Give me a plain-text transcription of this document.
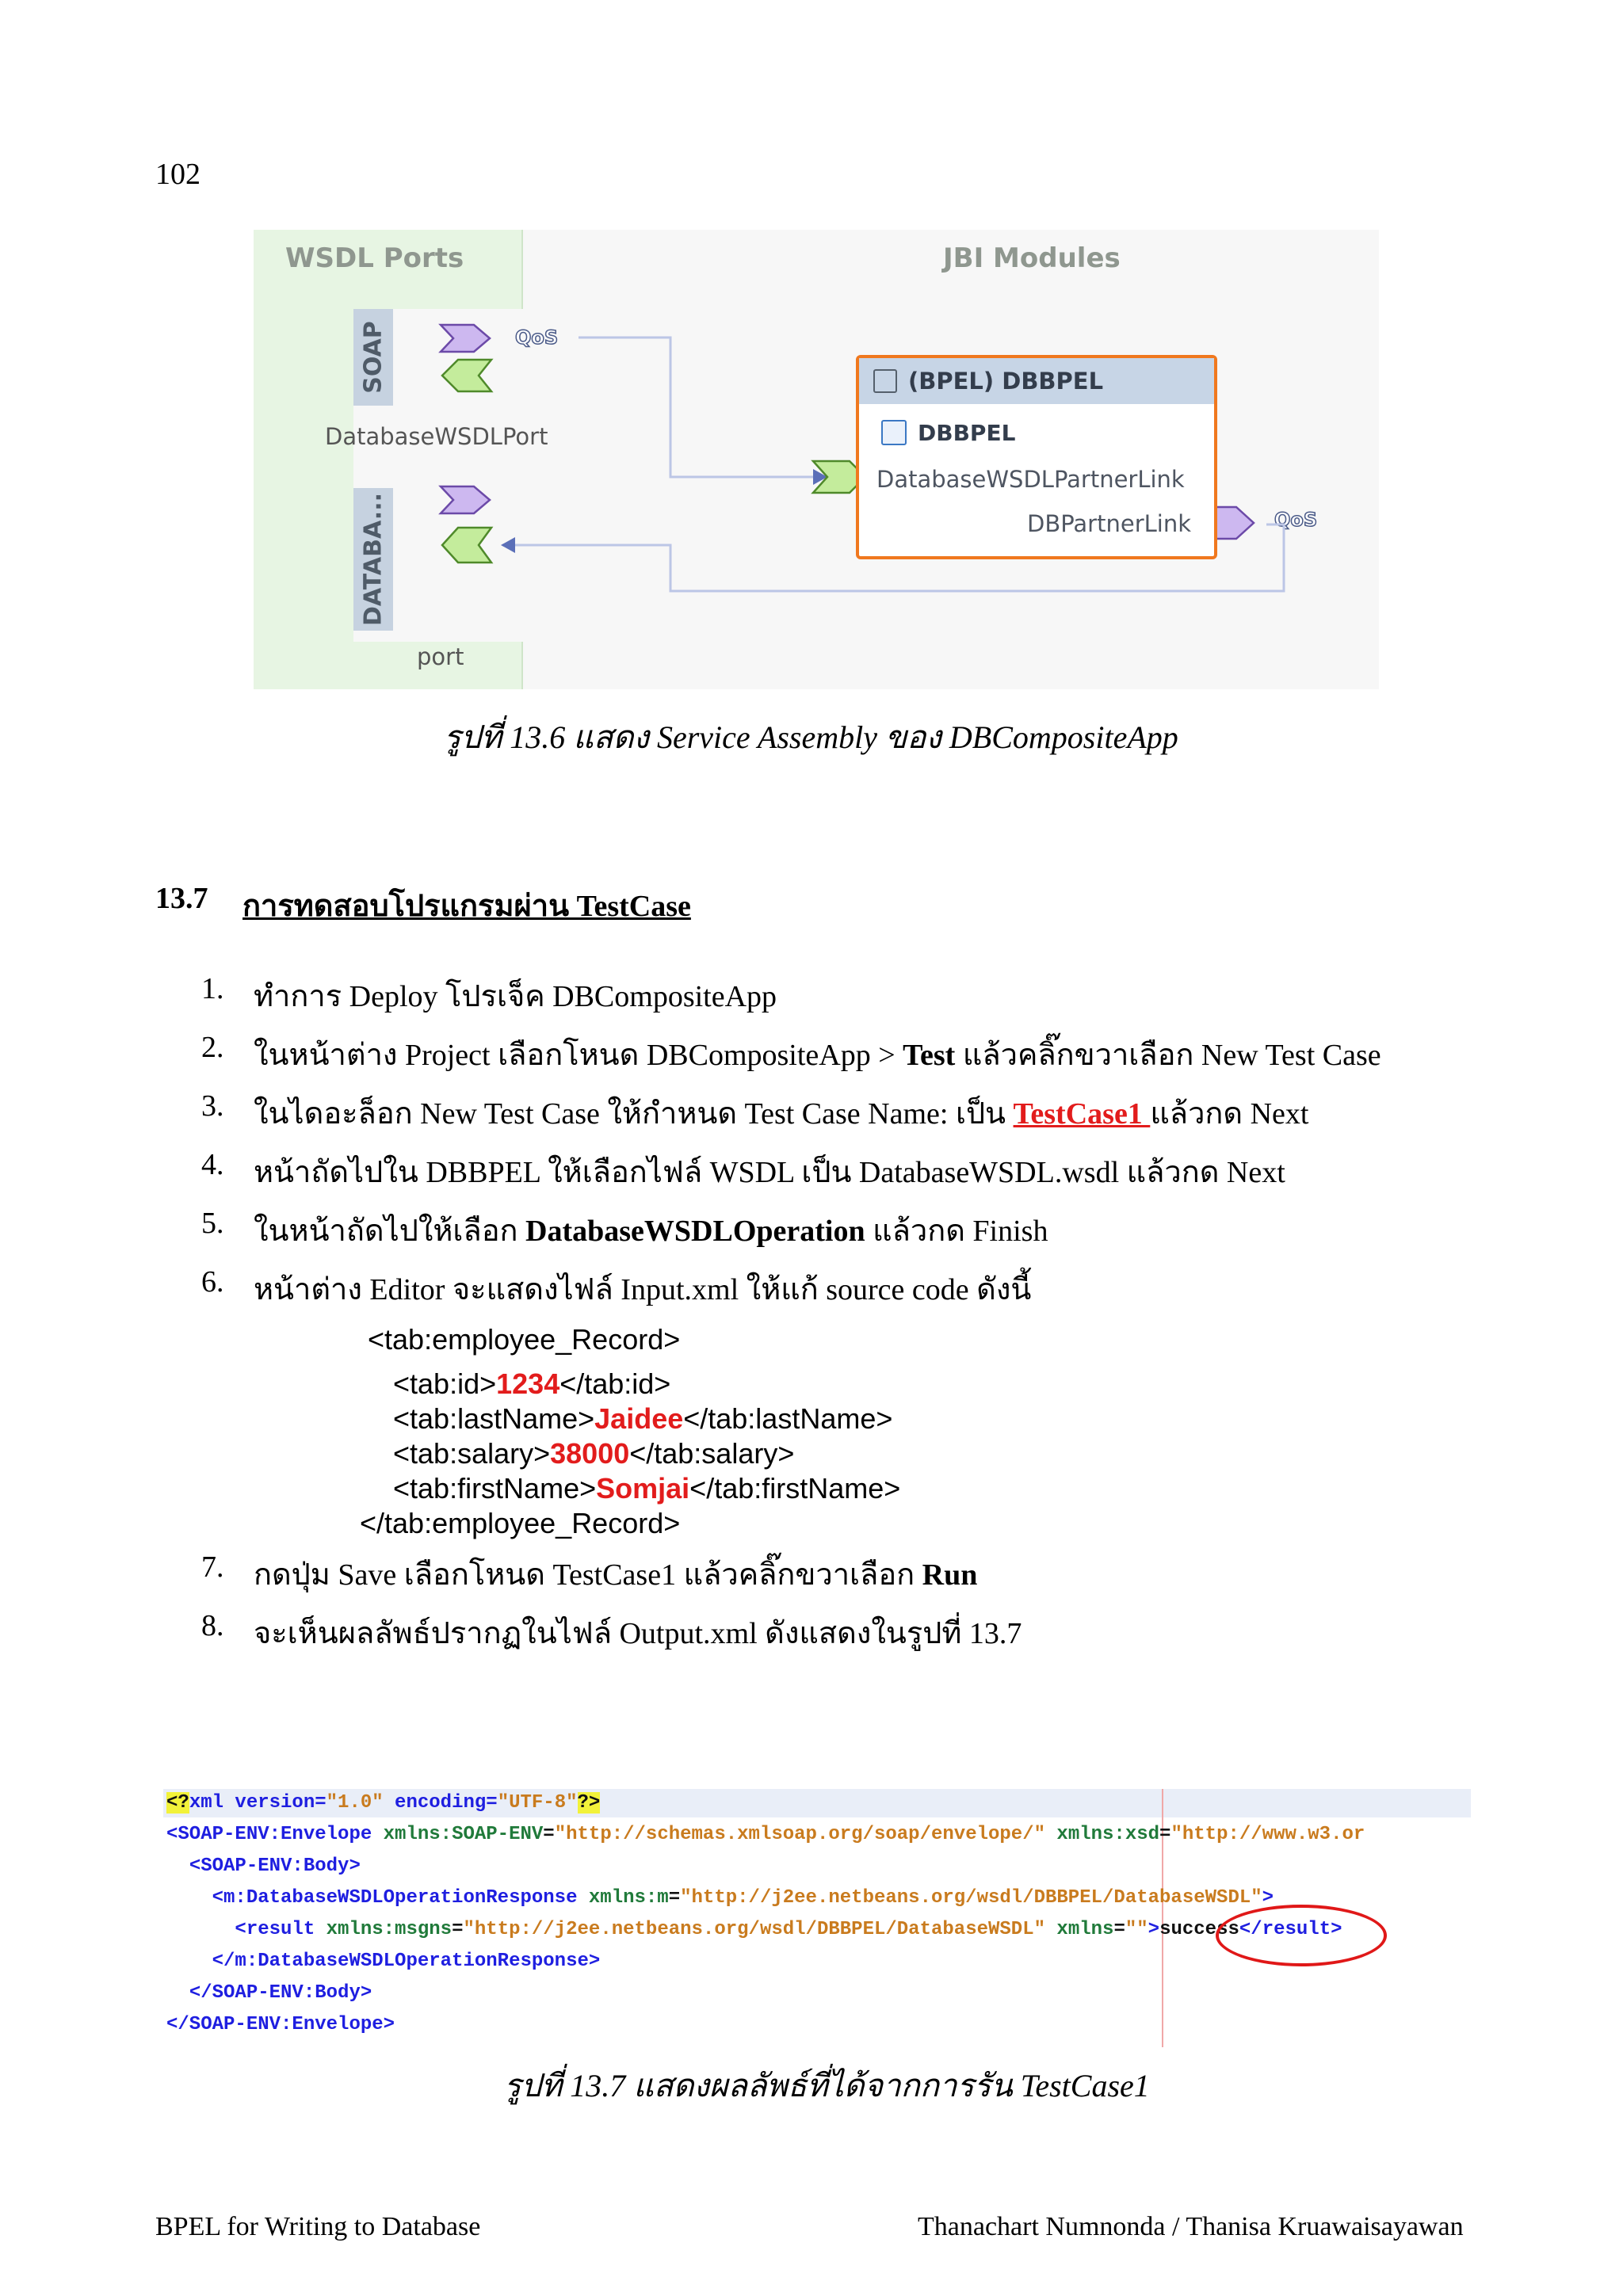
102
WSDL Ports	JBI Modules
SOAP
DatabaseWSDLPort
DATABA...
port
QoS
QoS
(BPEL) DBBPEL
DBBPEL
DatabaseWSDLPartnerLink
DBPartnerLink
รูปที่ 13.6 แสดง Service Assembly ของ DBCompositeApp
13.7 การทดสอบโปรแกรมผ่าน TestCase
1. ทำการ Deploy โปรเจ็ค DBCompositeApp
2. ในหน้าต่าง Project เลือกโหนด DBCompositeApp > Test แล้วคลิ๊กขวาเลือก New Test Case
3. ในไดอะล็อก New Test Case ให้กำหนด Test Case Name: เป็น TestCase1 แล้วกด Next
4. หน้าถัดไปใน DBBPEL ให้เลือกไฟล์ WSDL เป็น DatabaseWSDL.wsdl แล้วกด Next
5. ในหน้าถัดไปให้เลือก DatabaseWSDLOperation แล้วกด Finish
6. หน้าต่าง Editor จะแสดงไฟล์ Input.xml ให้แก้ source code ดังนี้
<tab:employee_Record>
<tab:id>1234</tab:id>
<tab:lastName>Jaidee</tab:lastName>
<tab:salary>38000</tab:salary>
<tab:firstName>Somjai</tab:firstName>
</tab:employee_Record>
7. กดปุ่ม Save เลือกโหนด TestCase1 แล้วคลิ๊กขวาเลือก Run
8. จะเห็นผลลัพธ์ปรากฏในไฟล์ Output.xml ดังแสดงในรูปที่ 13.7
<?xml version="1.0" encoding="UTF-8"?>
<SOAP-ENV:Envelope xmlns:SOAP-ENV="http://schemas.xmlsoap.org/soap/envelope/" xmlns:xsd="http://www.w3.or
<SOAP-ENV:Body>
<m:DatabaseWSDLOperationResponse xmlns:m="http://j2ee.netbeans.org/wsdl/DBBPEL/DatabaseWSDL">
<result xmlns:msgns="http://j2ee.netbeans.org/wsdl/DBBPEL/DatabaseWSDL" xmlns="">success</result>
</m:DatabaseWSDLOperationResponse>
</SOAP-ENV:Body>
</SOAP-ENV:Envelope>
รูปที่ 13.7 แสดงผลลัพธ์ที่ได้จากการรัน TestCase1
BPEL for Writing to Database	Thanachart Numnonda / Thanisa Kruawaisayawan
